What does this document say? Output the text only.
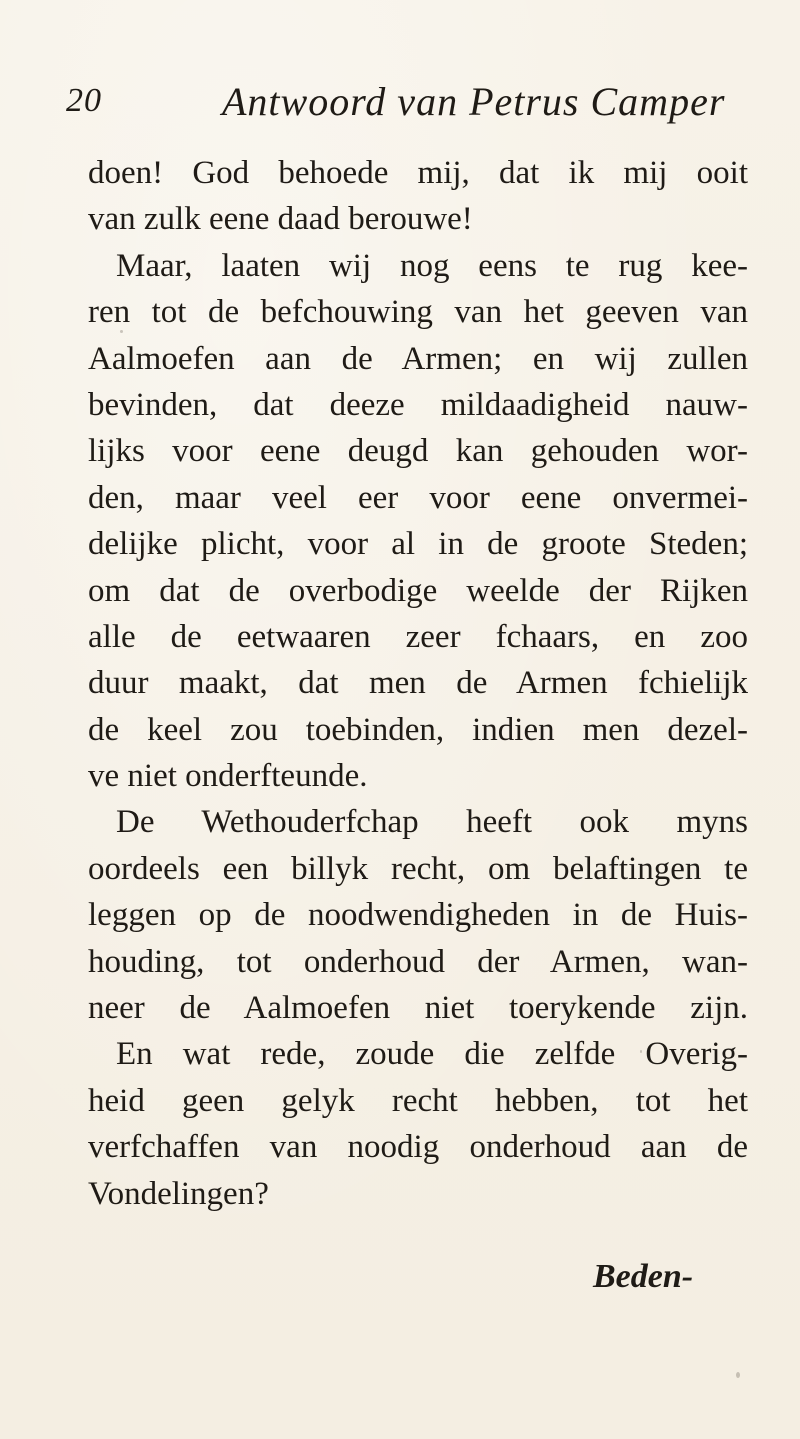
20	Antwoord van Petrus Camper
doen! God behoede mij, dat ik mij ooit
van zulk eene daad berouwe!
Maar, laaten wij nog eens te rug kee-
ren tot de befchouwing van het geeven van
Aalmoefen aan de Armen; en wij zullen
bevinden, dat deeze mildaadigheid nauw-
lijks voor eene deugd kan gehouden wor-
den, maar veel eer voor eene onvermei-
delijke plicht, voor al in de groote Steden;
om dat de overbodige weelde der Rijken
alle de eetwaaren zeer fchaars, en zoo
duur maakt, dat men de Armen fchielijk
de keel zou toebinden, indien men dezel-
ve niet onderfteunde.
De Wethouderfchap heeft ook myns
oordeels een billyk recht, om belaftingen te
leggen op de noodwendigheden in de Huis-
houding, tot onderhoud der Armen, wan-
neer de Aalmoefen niet toerykende zijn.
En wat rede, zoude die zelfde Overig-
heid geen gelyk recht hebben, tot het
verfchaffen van noodig onderhoud aan de
Vondelingen?
Beden-
